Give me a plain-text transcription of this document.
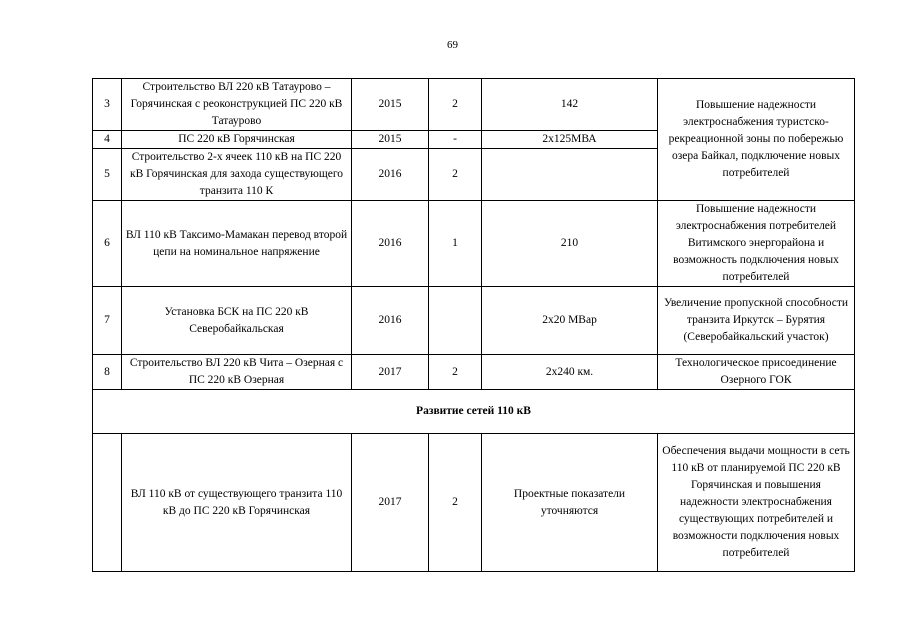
69
3	Строительство ВЛ 220 кВ Татаурово – Горячинская с реоконструкцией ПС 220 кВ Татаурово	2015	2	142	Повышение надежности электроснабжения туристско-рекреационной зоны по побережью озера Байкал, подключение новых потребителей
4	ПС 220 кВ Горячинская	2015	-	2х125МВА	
5	Строительство 2-х ячеек 110 кВ на ПС 220 кВ Горячинская для захода существующего транзита 110 К	2016	2		
6	ВЛ 110 кВ Таксимо-Мамакан перевод второй цепи на номинальное напряжение	2016	1	210	Повышение надежности электроснабжения потребителей Витимского энергорайона и возможность подключения новых потребителей
7	Установка БСК на ПС 220 кВ Северобайкальская	2016		2х20 МВар	Увеличение пропускной способности транзита Иркутск – Бурятия (Северобайкальский участок)
8	Строительство ВЛ 220 кВ Чита – Озерная с ПС 220 кВ Озерная	2017	2	2х240 км.	Технологическое присоединение Озерного ГОК
Развитие сетей 110 кВ					
	ВЛ 110 кВ от существующего транзита 110 кВ до ПС 220 кВ Горячинская	2017	2	Проектные показатели уточняются	Обеспечения выдачи мощности в сеть 110 кВ от планируемой ПС 220 кВ Горячинская и повышения надежности электроснабжения существующих потребителей и возможности подключения новых потребителей
